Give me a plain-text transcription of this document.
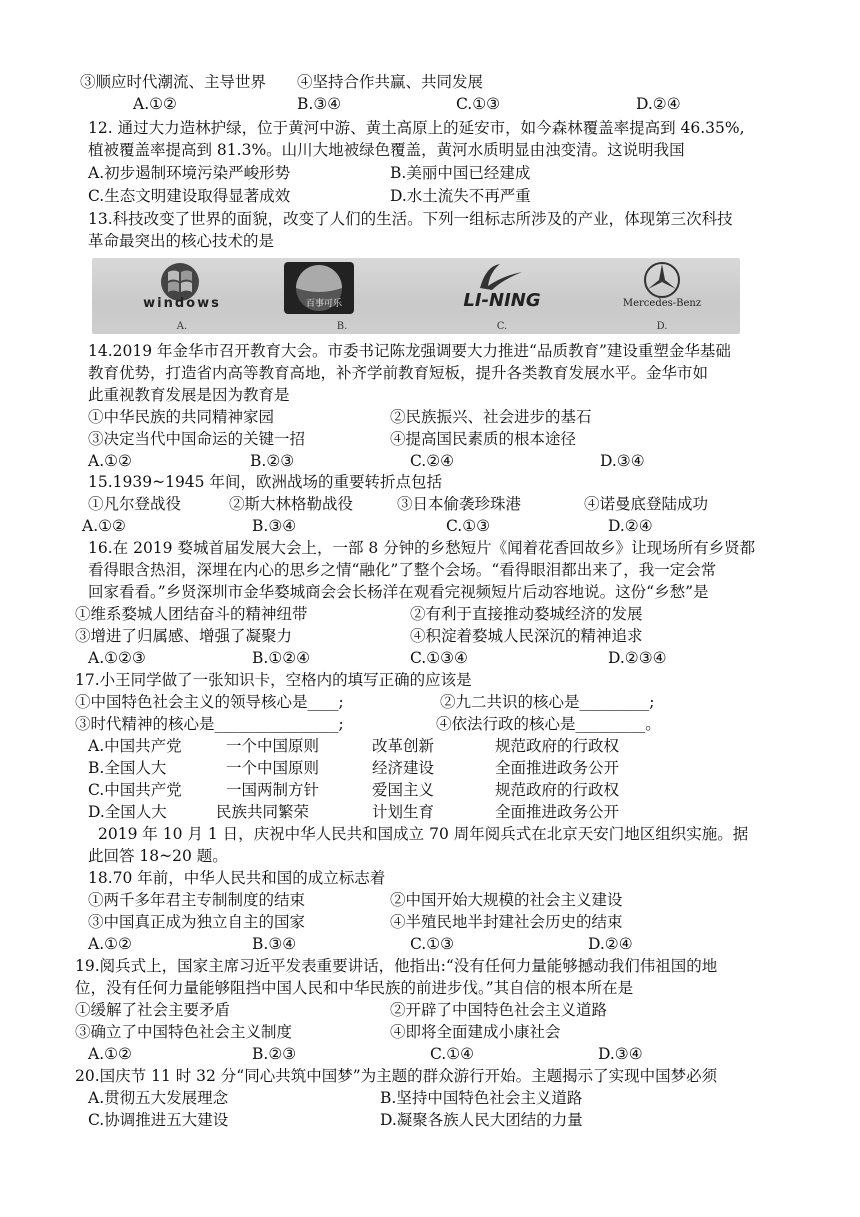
③顺应时代潮流、主导世界　　④坚持合作共赢、共同发展
A.①②	B.③④	C.①③	D.②④
12. 通过大力造林护绿，位于黄河中游、黄土高原上的延安市，如今森林覆盖率提高到 46.35%,
植被覆盖率提高到 81.3%。山川大地被绿色覆盖，黄河水质明显由浊变清。这说明我国
A.初步遏制环境污染严峻形势	B.美丽中国已经建成
C.生态文明建设取得显著成效	D.水土流失不再严重
13.科技改变了世界的面貌，改变了人们的生活。下列一组标志所涉及的产业，体现第三次科技
革命最突出的核心技术的是
windows
A.
百事可乐
B.
LI-NING
C.
Mercedes-Benz
D.
14.2019 年金华市召开教育大会。市委书记陈龙强调要大力推进“品质教育”建设重塑金华基础
教育优势，打造省内高等教育高地，补齐学前教育短板，提升各类教育发展水平。金华市如
此重视教育发展是因为教育是
①中华民族的共同精神家园	②民族振兴、社会进步的基石
③决定当代中国命运的关键一招	④提高国民素质的根本途径
A.①②	B.②③	C.②④	D.③④
15.1939~1945 年间，欧洲战场的重要转折点包括
①凡尔登战役	②斯大林格勒战役	③日本偷袭珍珠港	④诺曼底登陆成功
A.①②	B.③④	C.①③	D.②④
16.在 2019 婺城首届发展大会上，一部 8 分钟的乡愁短片《闻着花香回故乡》让现场所有乡贤都
看得眼含热泪，深埋在内心的思乡之情“融化”了整个会场。“看得眼泪都出来了，我一定会常
回家看看。”乡贤深圳市金华婺城商会会长杨洋在观看完视频短片后动容地说。这份“乡愁”是
①维系婺城人团结奋斗的精神纽带	②有利于直接推动婺城经济的发展
③增进了归属感、增强了凝聚力	④积淀着婺城人民深沉的精神追求
A.①②③	B.①②④	C.①③④	D.②③④
17.小王同学做了一张知识卡，空格内的填写正确的应该是
①中国特色社会主义的领导核心是____;	②九二共识的核心是_________;
③时代精神的核心是________________;	④依法行政的核心是_________。
A.中国共产党	一个中国原则	改革创新	规范政府的行政权
B.全国人大	一个中国原则	经济建设	全面推进政务公开
C.中国共产党	一国两制方针	爱国主义	规范政府的行政权
D.全国人大	民族共同繁荣	计划生育	全面推进政务公开
2019 年 10 月 1 日，庆祝中华人民共和国成立 70 周年阅兵式在北京天安门地区组织实施。据
此回答 18~20 题。
18.70 年前，中华人民共和国的成立标志着
①两千多年君主专制制度的结束	②中国开始大规模的社会主义建设
③中国真正成为独立自主的国家	④半殖民地半封建社会历史的结束
A.①②	B.③④	C.①③	D.②④
19.阅兵式上，国家主席习近平发表重要讲话，他指出:“没有任何力量能够撼动我们伟祖国的地
位，没有任何力量能够阻挡中国人民和中华民族的前进步伐。”其自信的根本所在是
①缓解了社会主要矛盾	②开辟了中国特色社会主义道路
③确立了中国特色社会主义制度	④即将全面建成小康社会
A.①②	B.②③	C.①④	D.③④
20.国庆节 11 时 32 分“同心共筑中国梦”为主题的群众游行开始。主题揭示了实现中国梦必须
A.贯彻五大发展理念	B.坚持中国特色社会主义道路
C.协调推进五大建设	D.凝聚各族人民大团结的力量
